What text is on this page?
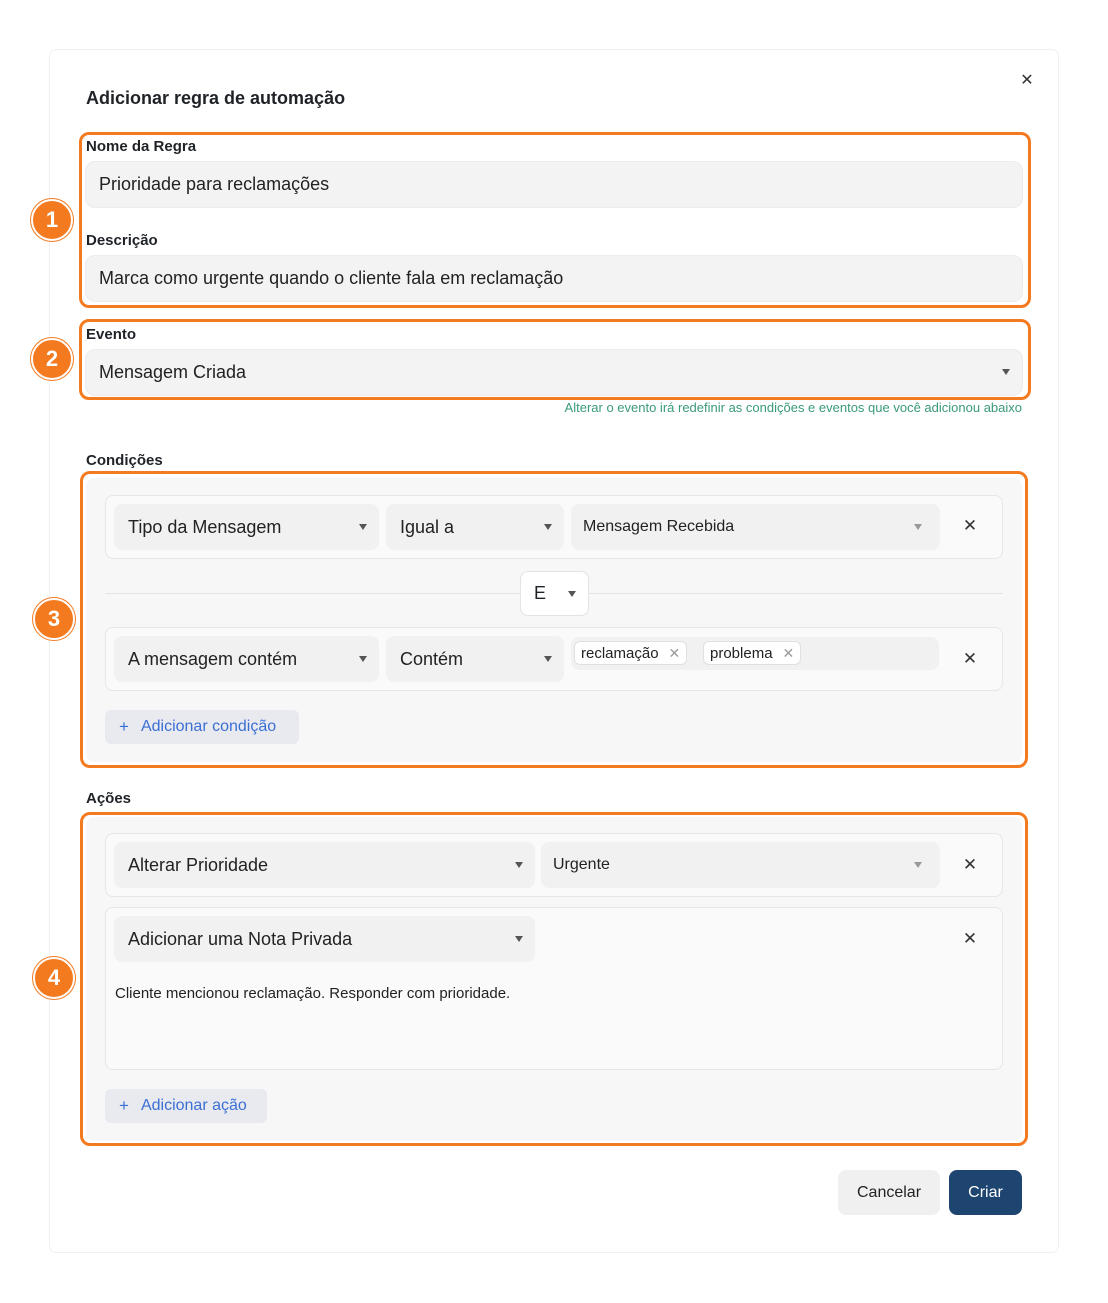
Adicionar regra de automação
✕
Nome da Regra
Prioridade para reclamações
Descrição
Marca como urgente quando o cliente fala em reclamação
Evento
Mensagem Criada
Alterar o evento irá redefinir as condições e eventos que você adicionou abaixo
Condições
Tipo da Mensagem	Igual a	Mensagem Recebida	✕
E
A mensagem contém	Contém	reclamação ✕ problema ✕	✕
+ Adicionar condição
Ações
Alterar Prioridade	Urgente	✕
Adicionar uma Nota Privada	✕
Cliente mencionou reclamação. Responder com prioridade.
+ Adicionar ação
Cancelar	Criar
1
2
3
4
